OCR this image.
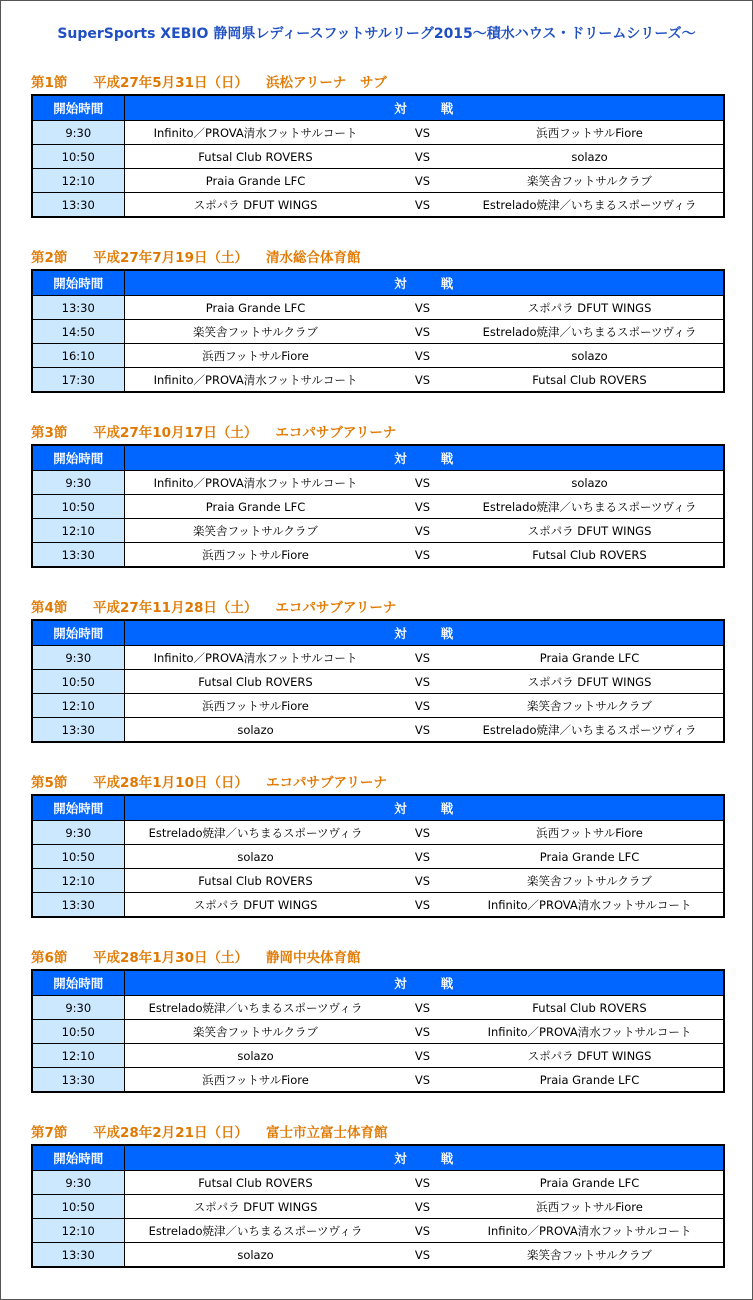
SuperSports XEBIO 静岡県レディースフットサルリーグ2015～積水ハウス・ドリームシリーズ～
第1節 平成27年5月31日（日） 浜松アリーナ　サブ
開始時間	対 戦
9:30	Infinito／PROVA清水フットサルコート VS 浜西フットサルFiore

10:50	Futsal Club ROVERS VS solazo

12:10	Praia Grande LFC VS 楽笑舎フットサルクラブ

13:30	スポパラ DFUT WINGS VS Estrelado焼津／いちまるスポーツヴィラ
第2節 平成27年7月19日（土） 清水総合体育館
開始時間	対 戦
13:30	Praia Grande LFC VS スポパラ DFUT WINGS

14:50	楽笑舎フットサルクラブ VS Estrelado焼津／いちまるスポーツヴィラ

16:10	浜西フットサルFiore VS solazo

17:30	Infinito／PROVA清水フットサルコート VS Futsal Club ROVERS
第3節 平成27年10月17日（土） エコパサブアリーナ
開始時間	対 戦
9:30	Infinito／PROVA清水フットサルコート VS solazo

10:50	Praia Grande LFC VS Estrelado焼津／いちまるスポーツヴィラ

12:10	楽笑舎フットサルクラブ VS スポパラ DFUT WINGS

13:30	浜西フットサルFiore VS Futsal Club ROVERS
第4節 平成27年11月28日（土） エコパサブアリーナ
開始時間	対 戦
9:30	Infinito／PROVA清水フットサルコート VS Praia Grande LFC

10:50	Futsal Club ROVERS VS スポパラ DFUT WINGS

12:10	浜西フットサルFiore VS 楽笑舎フットサルクラブ

13:30	solazo VS Estrelado焼津／いちまるスポーツヴィラ
第5節 平成28年1月10日（日） エコパサブアリーナ
開始時間	対 戦
9:30	Estrelado焼津／いちまるスポーツヴィラ VS 浜西フットサルFiore

10:50	solazo VS Praia Grande LFC

12:10	Futsal Club ROVERS VS 楽笑舎フットサルクラブ

13:30	スポパラ DFUT WINGS VS Infinito／PROVA清水フットサルコート
第6節 平成28年1月30日（土） 静岡中央体育館
開始時間	対 戦
9:30	Estrelado焼津／いちまるスポーツヴィラ VS Futsal Club ROVERS

10:50	楽笑舎フットサルクラブ VS Infinito／PROVA清水フットサルコート

12:10	solazo VS スポパラ DFUT WINGS

13:30	浜西フットサルFiore VS Praia Grande LFC
第7節 平成28年2月21日（日） 富士市立富士体育館
開始時間	対 戦
9:30	Futsal Club ROVERS VS Praia Grande LFC

10:50	スポパラ DFUT WINGS VS 浜西フットサルFiore

12:10	Estrelado焼津／いちまるスポーツヴィラ VS Infinito／PROVA清水フットサルコート

13:30	solazo VS 楽笑舎フットサルクラブ
